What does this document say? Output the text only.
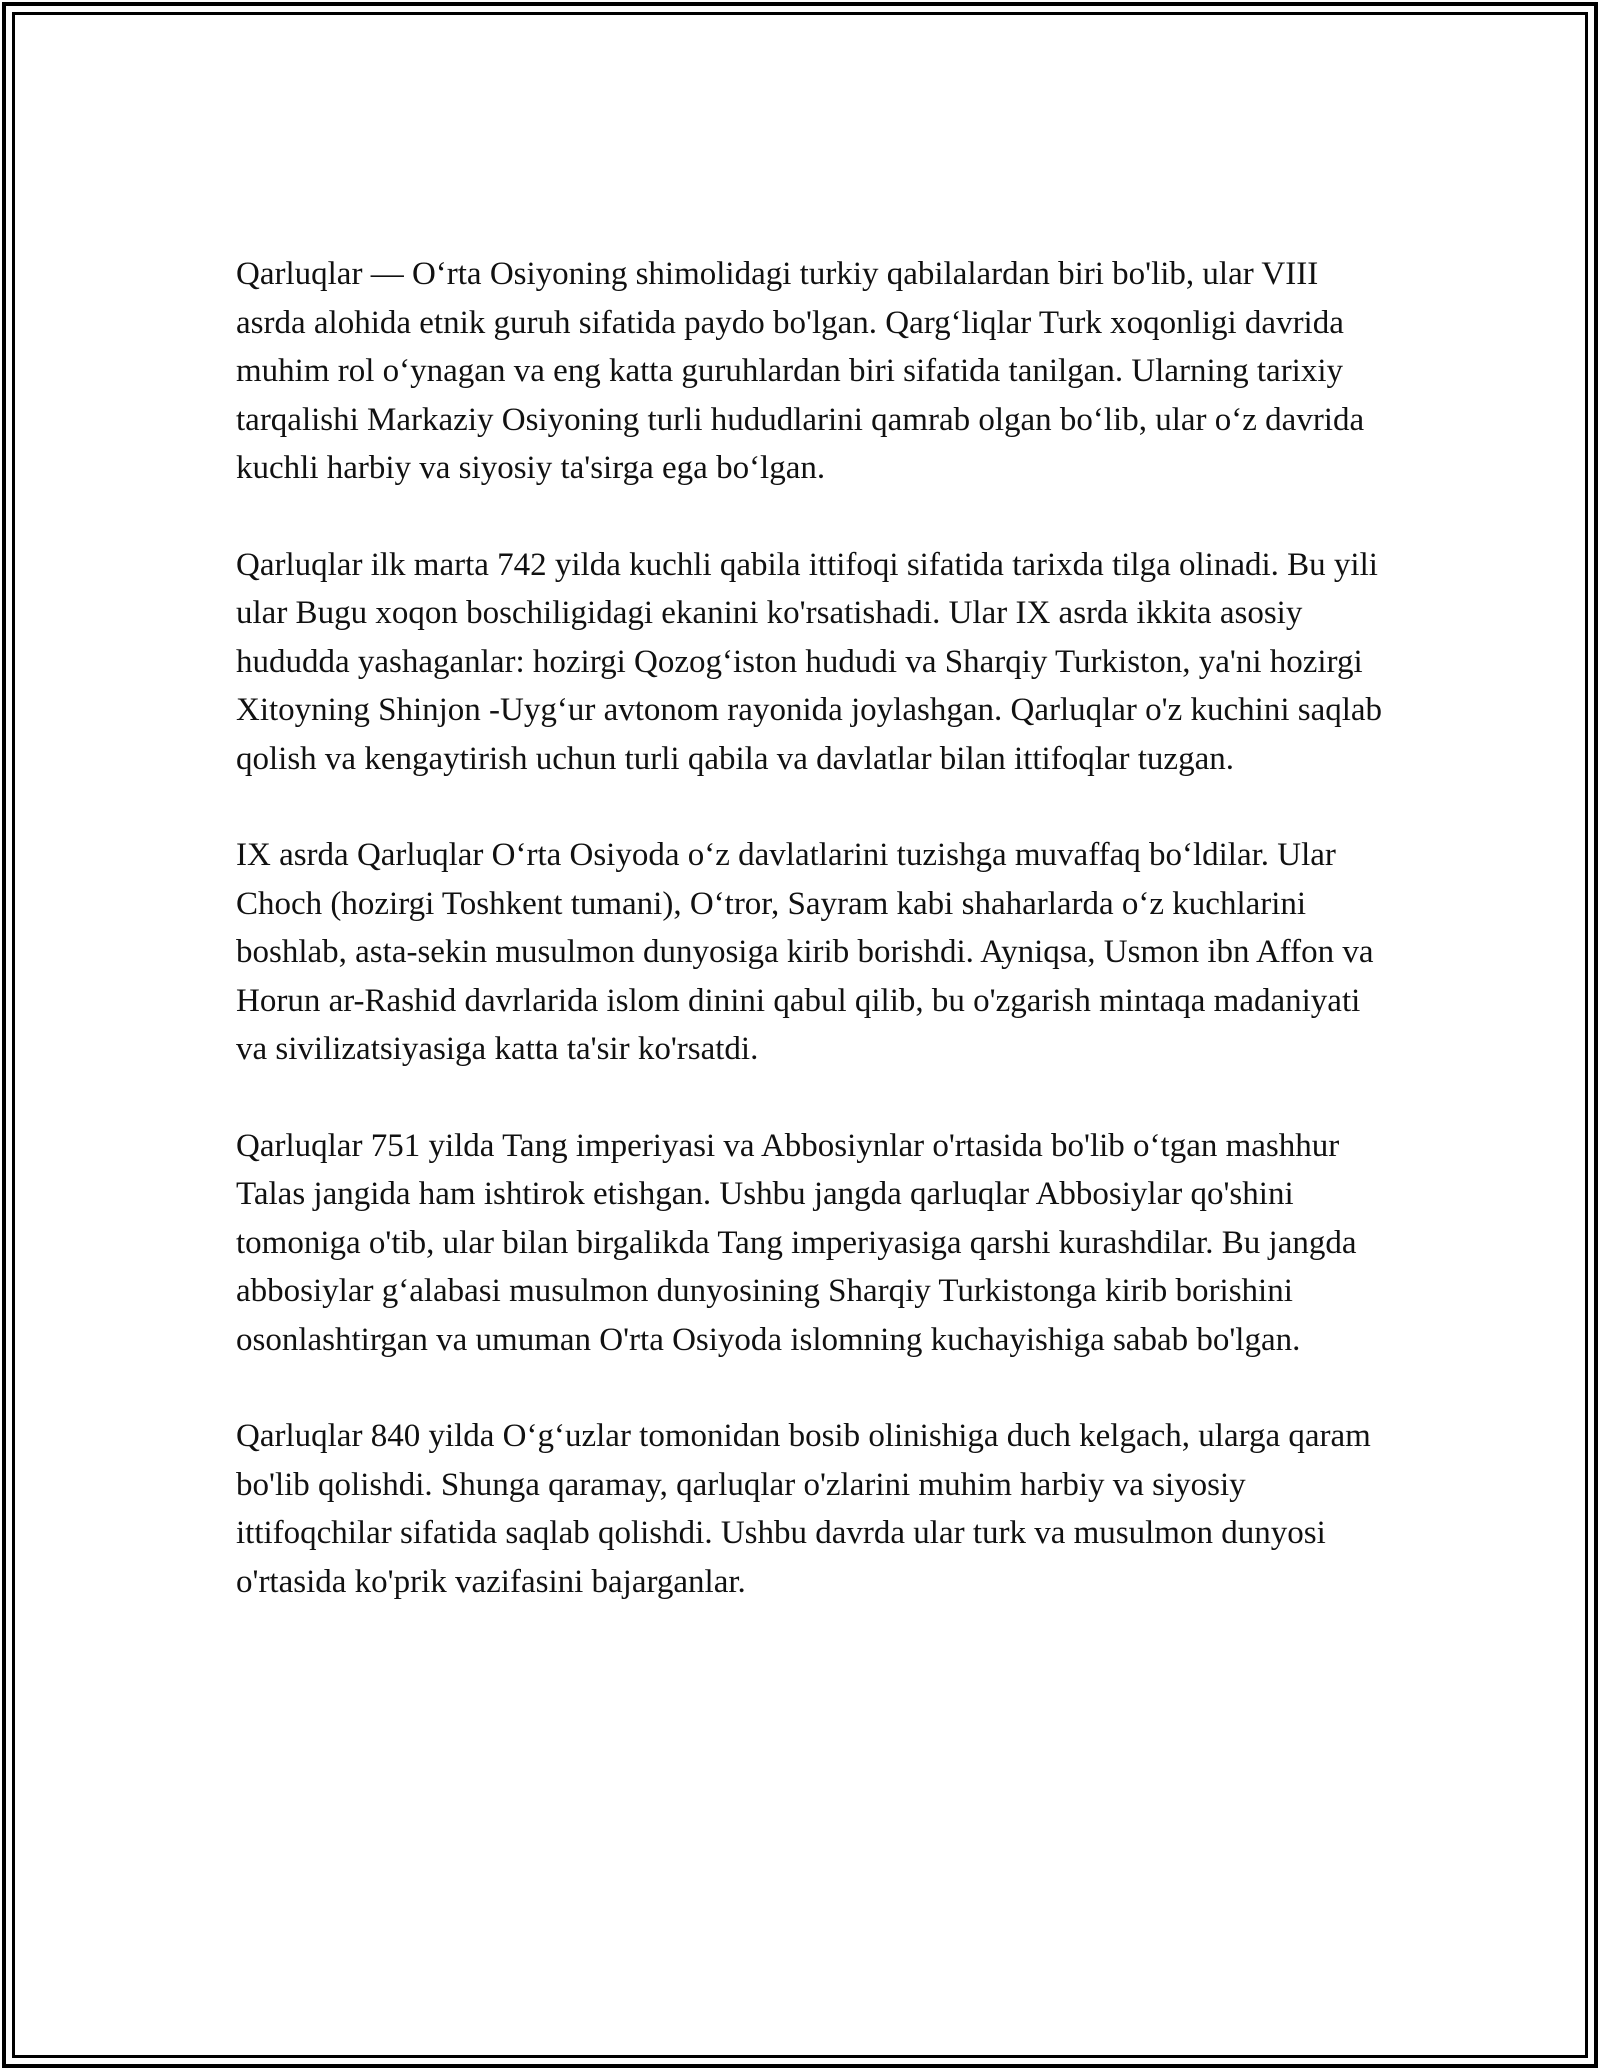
Qarluqlar — O‘rta Osiyoning shimolidagi turkiy qabilalardan biri bo'lib, ular VIII asrda alohida etnik guruh sifatida paydo bo'lgan. Qarg‘liqlar Turk xoqonligi davrida muhim rol o‘ynagan va eng katta guruhlardan biri sifatida tanilgan. Ularning tarixiy tarqalishi Markaziy Osiyoning turli hududlarini qamrab olgan bo‘lib, ular o‘z davrida kuchli harbiy va siyosiy ta'sirga ega bo‘lgan.

Qarluqlar ilk marta 742 yilda kuchli qabila ittifoqi sifatida tarixda tilga olinadi. Bu yili ular Bugu xoqon boschiligidagi ekanini ko'rsatishadi. Ular IX asrda ikkita asosiy hududda yashaganlar: hozirgi Qozog‘iston hududi va Sharqiy Turkiston, ya'ni hozirgi Xitoyning Shinjon -Uyg‘ur avtonom rayonida joylashgan. Qarluqlar o'z kuchini saqlab qolish va kengaytirish uchun turli qabila va davlatlar bilan ittifoqlar tuzgan.

IX asrda Qarluqlar O‘rta Osiyoda o‘z davlatlarini tuzishga muvaffaq bo‘ldilar. Ular Choch (hozirgi Toshkent tumani), O‘tror, Sayram kabi shaharlarda o‘z kuchlarini boshlab, asta-sekin musulmon dunyosiga kirib borishdi. Ayniqsa, Usmon ibn Affon va Horun ar-Rashid davrlarida islom dinini qabul qilib, bu o'zgarish mintaqa madaniyati va sivilizatsiyasiga katta ta'sir ko'rsatdi.

Qarluqlar 751 yilda Tang imperiyasi va Abbosiynlar o'rtasida bo'lib o‘tgan mashhur Talas jangida ham ishtirok etishgan. Ushbu jangda qarluqlar Abbosiylar qo'shini tomoniga o'tib, ular bilan birgalikda Tang imperiyasiga qarshi kurashdilar. Bu jangda abbosiylar g‘alabasi musulmon dunyosining Sharqiy Turkistonga kirib borishini osonlashtirgan va umuman O'rta Osiyoda islomning kuchayishiga sabab bo'lgan.

Qarluqlar 840 yilda O‘g‘uzlar tomonidan bosib olinishiga duch kelgach, ularga qaram bo'lib qolishdi. Shunga qaramay, qarluqlar o'zlarini muhim harbiy va siyosiy ittifoqchilar sifatida saqlab qolishdi. Ushbu davrda ular turk va musulmon dunyosi o'rtasida ko'prik vazifasini bajarganlar.
